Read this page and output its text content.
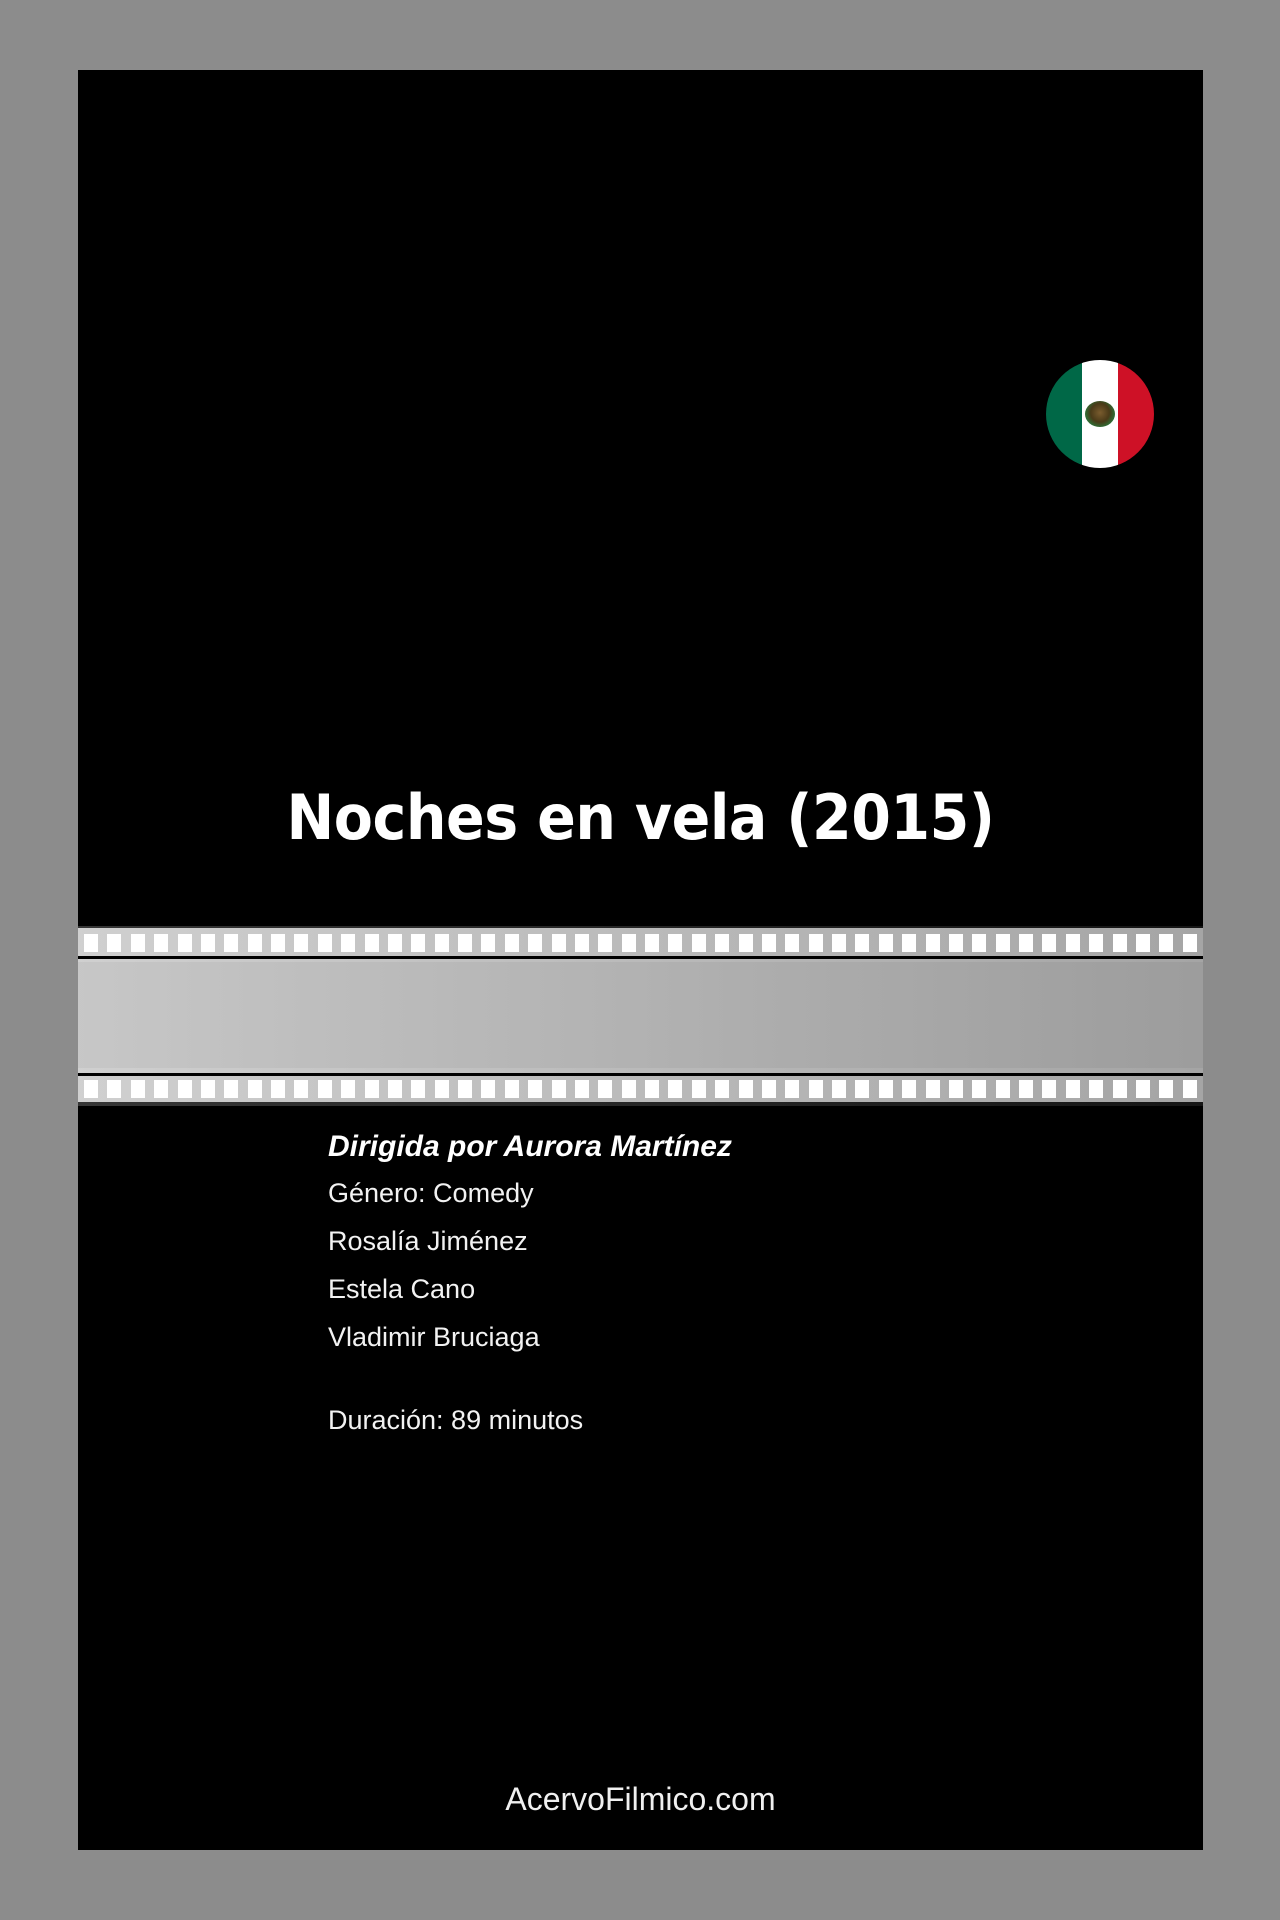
Noches en vela (2015)
Dirigida por Aurora Martínez
Género: Comedy
Rosalía Jiménez
Estela Cano
Vladimir Bruciaga
Duración: 89 minutos
AcervoFilmico.com
